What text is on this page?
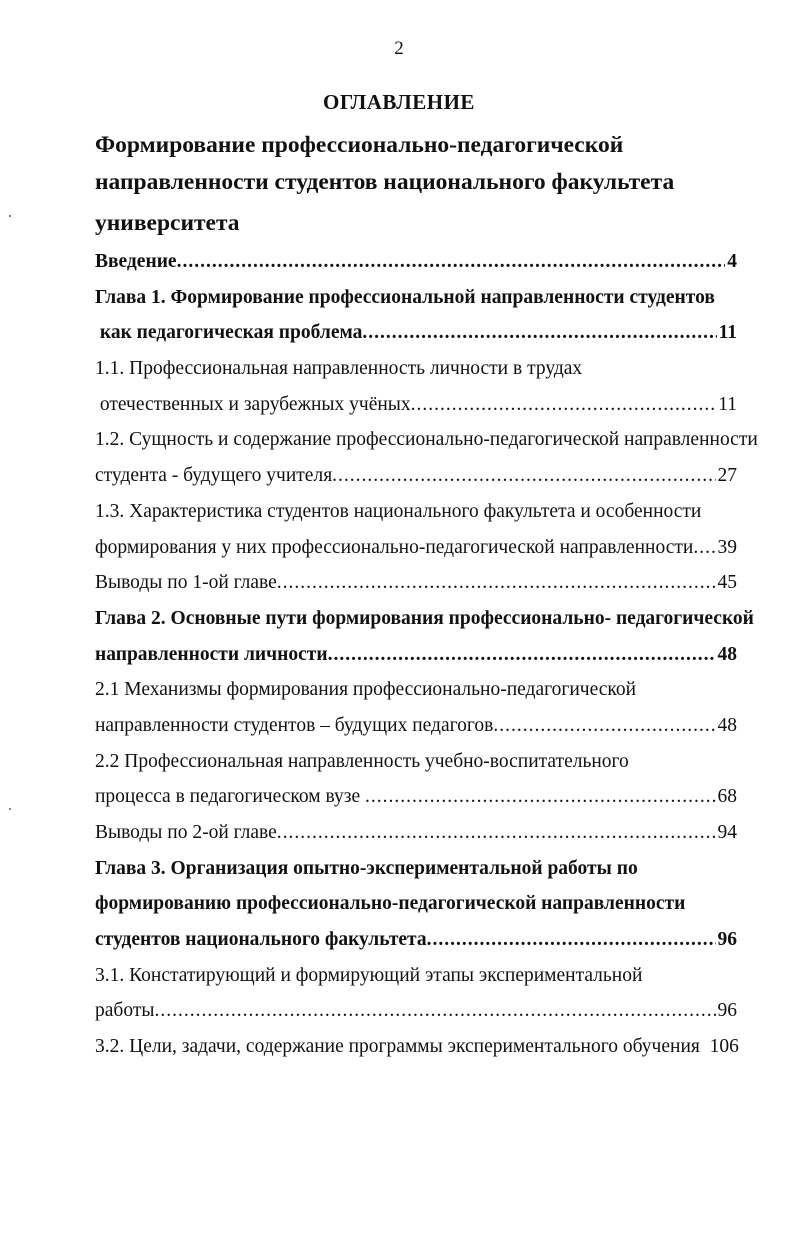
2
ОГЛАВЛЕНИЕ
Формирование профессионально-педагогической
направленности студентов национального факультета
университета
Введение .....	4
Глава 1. Формирование профессиональной направленности студентов
как педагогическая проблема .....	11
1.1. Профессиональная направленность личности в трудах
отечественных и зарубежных учёных .....	11
1.2. Сущность и содержание профессионально-педагогической направленности
студента - будущего учителя .....	27
1.3. Характеристика студентов национального факультета и особенности
формирования у них профессионально-педагогической направленности ..... 39
Выводы по 1-ой главе .....	45
Глава 2. Основные пути формирования профессионально- педагогической
направленности личности .....	48
2.1 Механизмы формирования профессионально-педагогической
направленности студентов – будущих педагогов .....	48
2.2 Профессиональная направленность учебно-воспитательного
процесса в педагогическом вузе .....	68
Выводы по 2-ой главе .....	94
Глава 3. Организация опытно-экспериментальной работы по
формированию профессионально-педагогической направленности
студентов национального факультета .....	96
3.1. Констатирующий и формирующий этапы экспериментальной
работы .....	96
3.2. Цели, задачи, содержание программы экспериментального обучения  106
